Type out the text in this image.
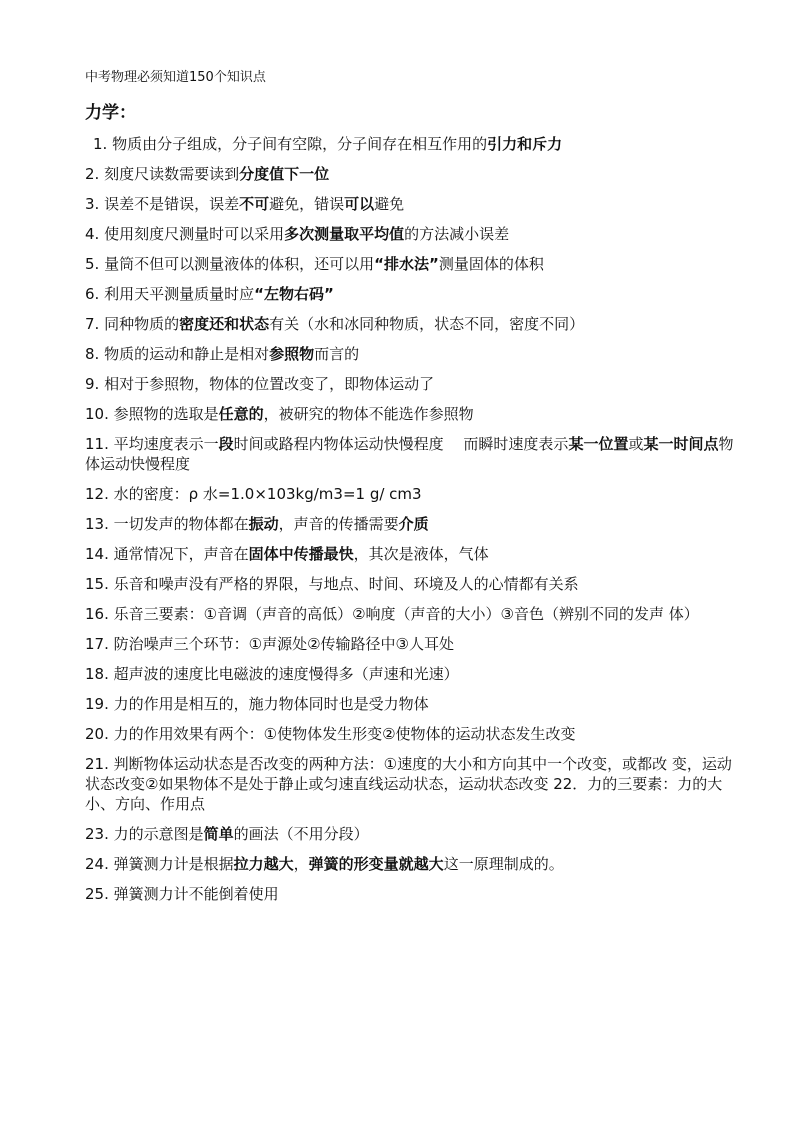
中考物理必须知道150个知识点
力学：
1. 物质由分子组成，分子间有空隙，分子间存在相互作用的引力和斥力
2. 刻度尺读数需要读到分度值下一位
3. 误差不是错误，误差不可避免，错误可以避免
4. 使用刻度尺测量时可以采用多次测量取平均值的方法减小误差
5. 量筒不但可以测量液体的体积，还可以用“排水法”测量固体的体积
6. 利用天平测量质量时应“左物右码”
7. 同种物质的密度还和状态有关（水和冰同种物质，状态不同，密度不同）
8. 物质的运动和静止是相对参照物而言的
9. 相对于参照物，物体的位置改变了，即物体运动了
10. 参照物的选取是任意的，被研究的物体不能选作参照物
11. 平均速度表示一段时间或路程内物体运动快慢程度　 而瞬时速度表示某一位置或某一时间点物体运动快慢程度
12. 水的密度：ρ 水=1.0×103kg/m3=1 g/ cm3
13. 一切发声的物体都在振动，声音的传播需要介质
14. 通常情况下，声音在固体中传播最快，其次是液体，气体
15. 乐音和噪声没有严格的界限，与地点、时间、环境及人的心情都有关系
16. 乐音三要素：①音调（声音的高低）②响度（声音的大小）③音色（辨别不同的发声 体）
17. 防治噪声三个环节：①声源处②传输路径中③人耳处
18. 超声波的速度比电磁波的速度慢得多（声速和光速）
19. 力的作用是相互的，施力物体同时也是受力物体
20. 力的作用效果有两个：①使物体发生形变②使物体的运动状态发生改变
21. 判断物体运动状态是否改变的两种方法：①速度的大小和方向其中一个改变，或都改 变，运动 状态改变②如果物体不是处于静止或匀速直线运动状态，运动状态改变 22．力的三要素：力的大小、方向、作用点
23. 力的示意图是简单的画法（不用分段）
24. 弹簧测力计是根据拉力越大，弹簧的形变量就越大这一原理制成的。
25. 弹簧测力计不能倒着使用
